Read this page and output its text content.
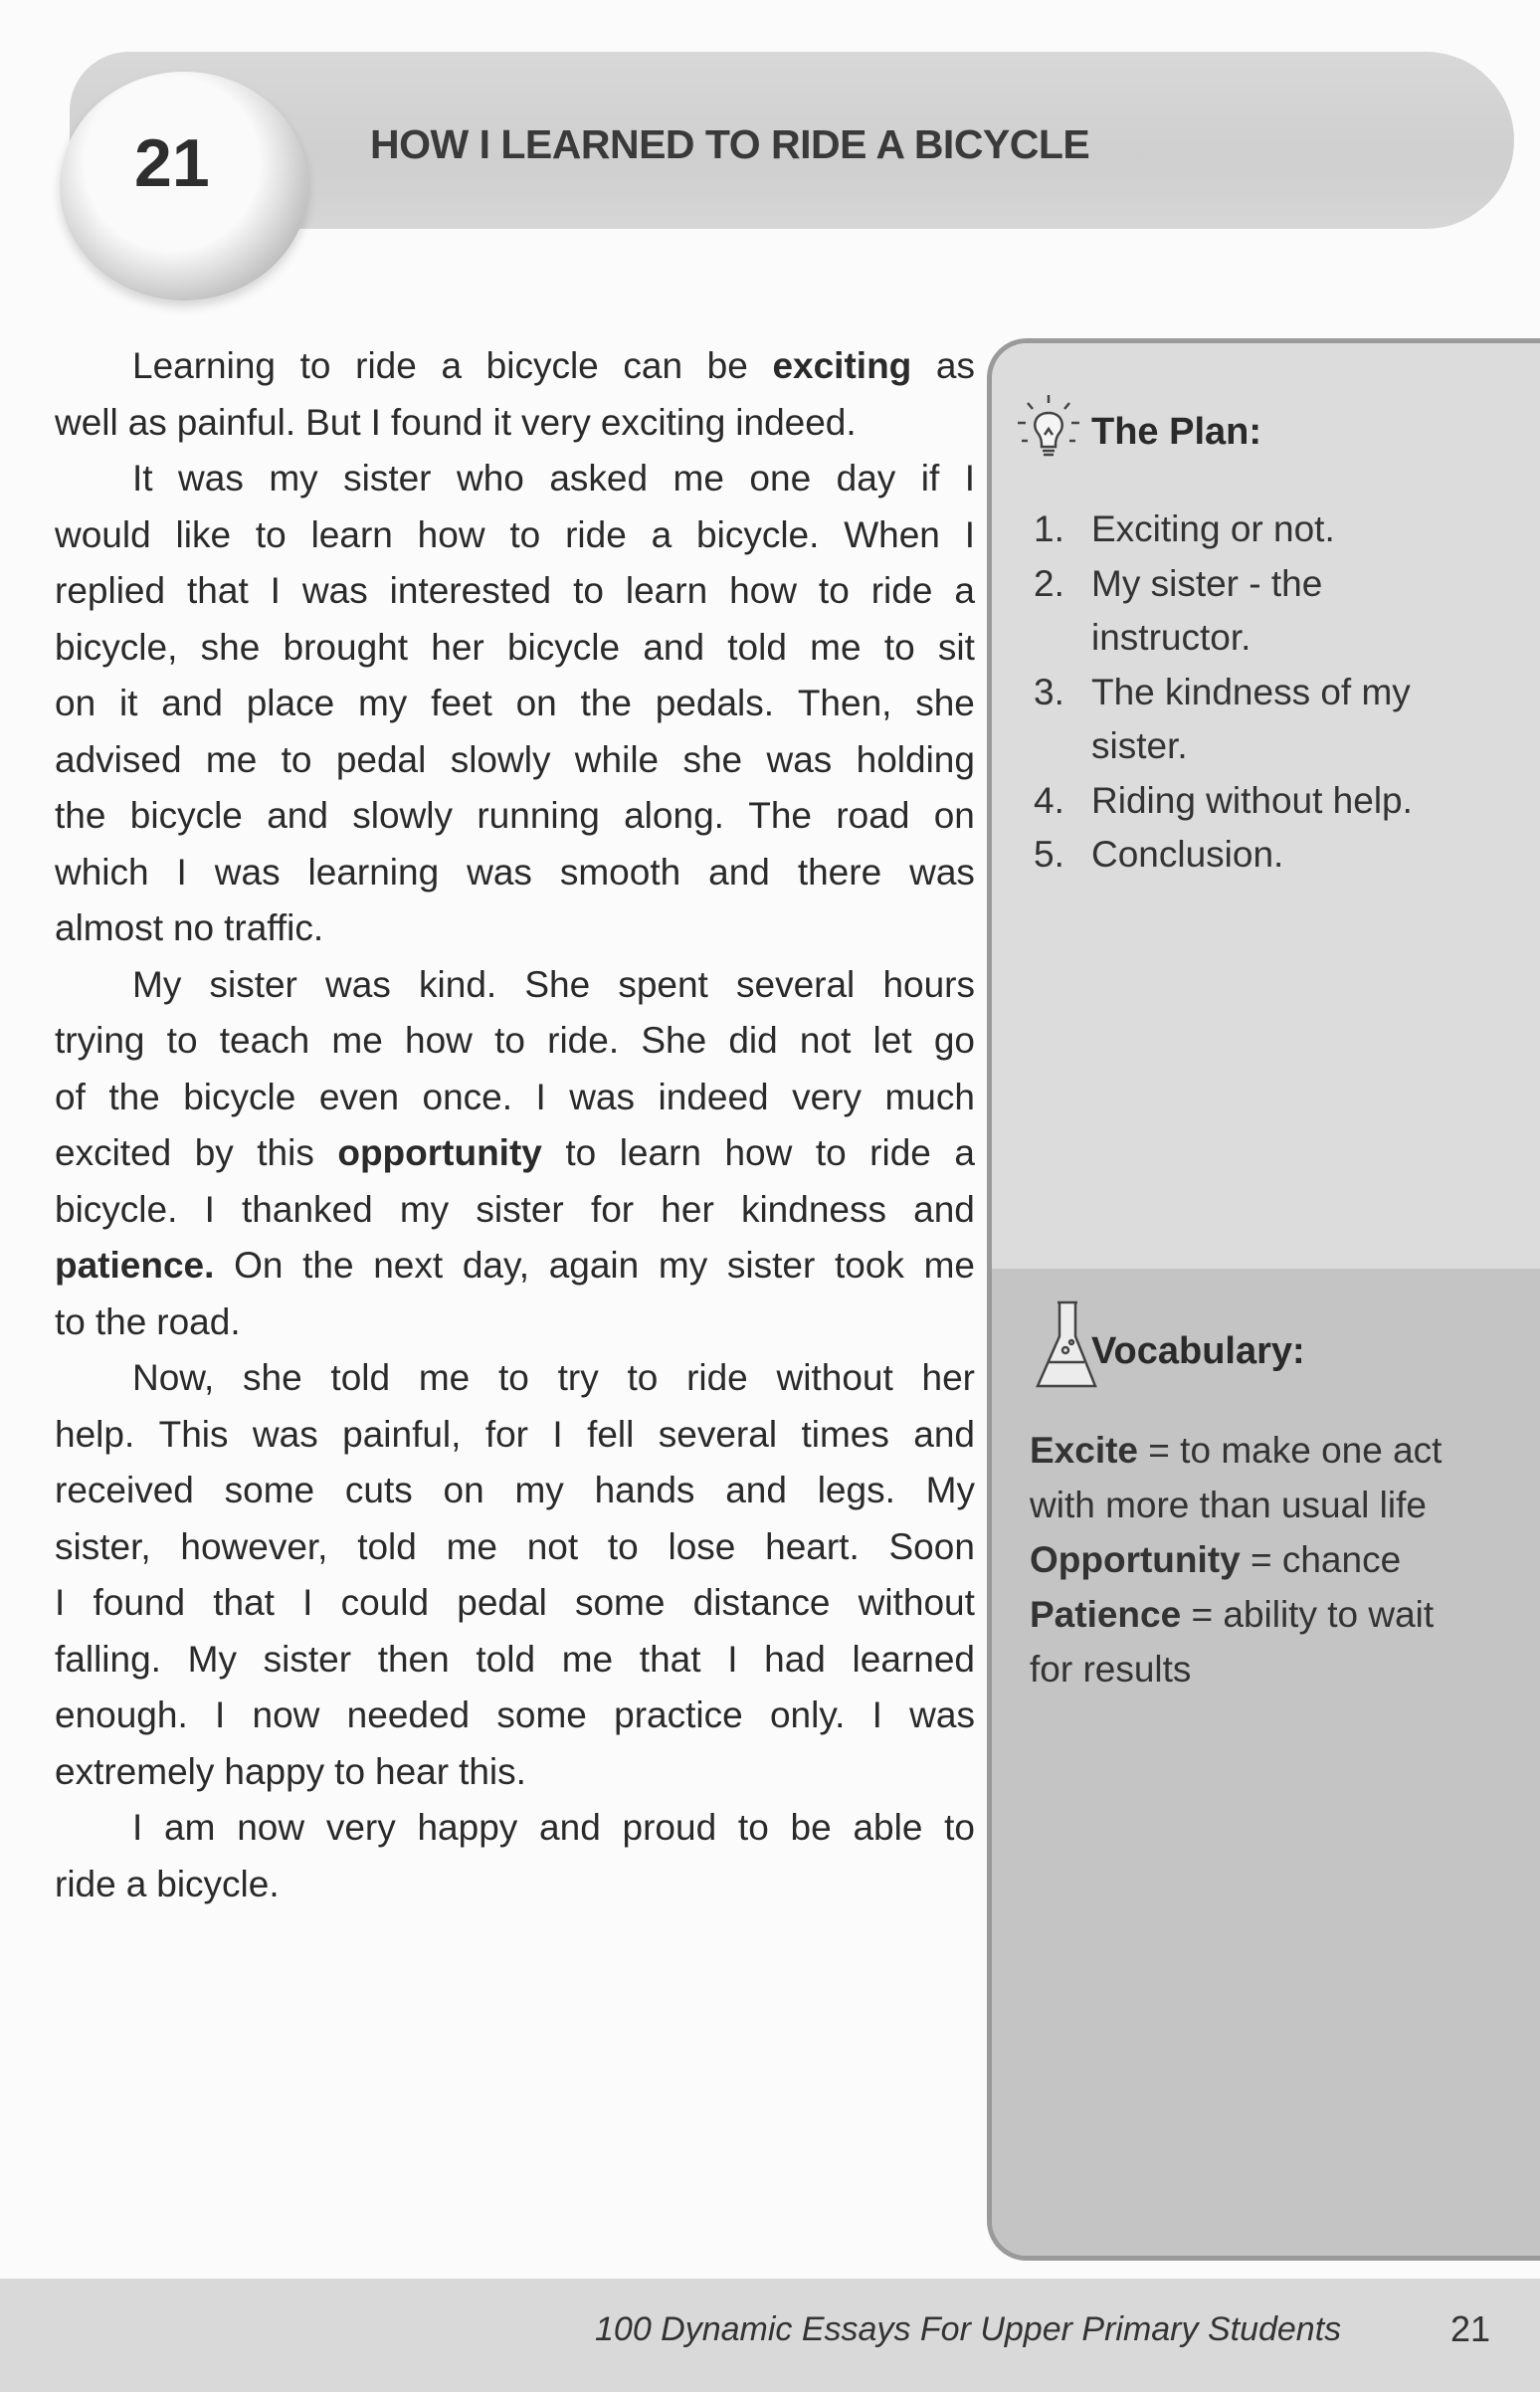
21	HOW I LEARNED TO RIDE A BICYCLE
Learning to ride a bicycle can be exciting as
well as painful. But I found it very exciting indeed.
It was my sister who asked me one day if I
would like to learn how to ride a bicycle. When I
replied that I was interested to learn how to ride a
bicycle, she brought her bicycle and told me to sit
on it and place my feet on the pedals. Then, she
advised me to pedal slowly while she was holding
the bicycle and slowly running along. The road on
which I was learning was smooth and there was
almost no traffic.
My sister was kind. She spent several hours
trying to teach me how to ride. She did not let go
of the bicycle even once. I was indeed very much
excited by this opportunity to learn how to ride a
bicycle. I thanked my sister for her kindness and
patience. On the next day, again my sister took me
to the road.
Now, she told me to try to ride without her
help. This was painful, for I fell several times and
received some cuts on my hands and legs. My
sister, however, told me not to lose heart. Soon
I found that I could pedal some distance without
falling. My sister then told me that I had learned
enough. I now needed some practice only. I was
extremely happy to hear this.
I am now very happy and proud to be able to
ride a bicycle.
The Plan:
1. Exciting or not.
2. My sister - the
instructor.
3. The kindness of my
sister.
4. Riding without help.
5. Conclusion.
Vocabulary:
Excite = to make one act
with more than usual life
Opportunity = chance
Patience = ability to wait
for results
100 Dynamic Essays For Upper Primary Students	21
